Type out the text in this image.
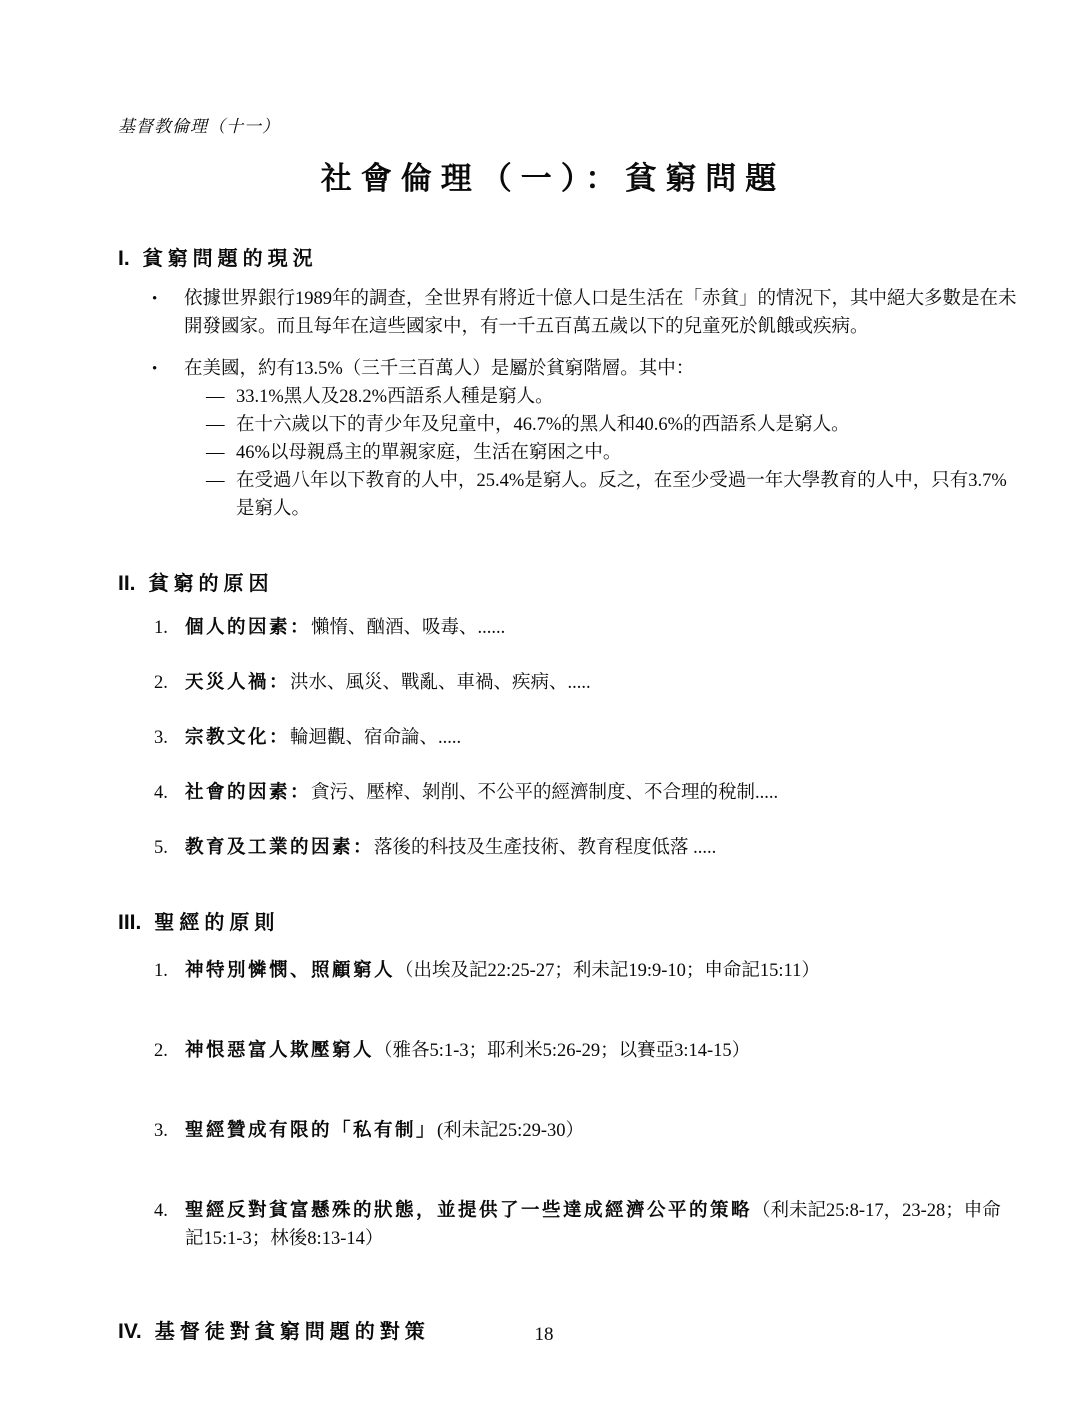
基督教倫理（十一）
社會倫理（一）：貧窮問題
I. 貧窮問題的現況
•	依據世界銀行1989年的調查，全世界有將近十億人口是生活在「赤貧」的情況下，其中絕大多數是在未開發國家。而且每年在這些國家中，有一千五百萬五歲以下的兒童死於飢餓或疾病。
•	在美國，約有13.5%（三千三百萬人）是屬於貧窮階層。其中：
— 33.1%黑人及28.2%西語系人種是窮人。
— 在十六歲以下的青少年及兒童中，46.7%的黑人和40.6%的西語系人是窮人。
— 46%以母親爲主的單親家庭，生活在窮困之中。
— 在受過八年以下教育的人中，25.4%是窮人。反之，在至少受過一年大學教育的人中，只有3.7%是窮人。
II. 貧窮的原因
1. 個人的因素：懶惰、酗酒、吸毒、......
2. 天災人禍：洪水、風災、戰亂、車禍、疾病、.....
3. 宗教文化：輪迴觀、宿命論、.....
4. 社會的因素：貪污、壓榨、剝削、不公平的經濟制度、不合理的稅制.....
5. 教育及工業的因素：落後的科技及生產技術、教育程度低落 .....
III. 聖經的原則
1. 神特別憐憫、照顧窮人（出埃及記22:25-27；利未記19:9-10；申命記15:11）
2. 神恨惡富人欺壓窮人（雅各5:1-3；耶利米5:26-29；以賽亞3:14-15）
3. 聖經贊成有限的「私有制」(利未記25:29-30）
4. 聖經反對貧富懸殊的狀態，並提供了一些達成經濟公平的策略（利未記25:8-17，23-28；申命記15:1-3；林後8:13-14）
IV. 基督徒對貧窮問題的對策	18
